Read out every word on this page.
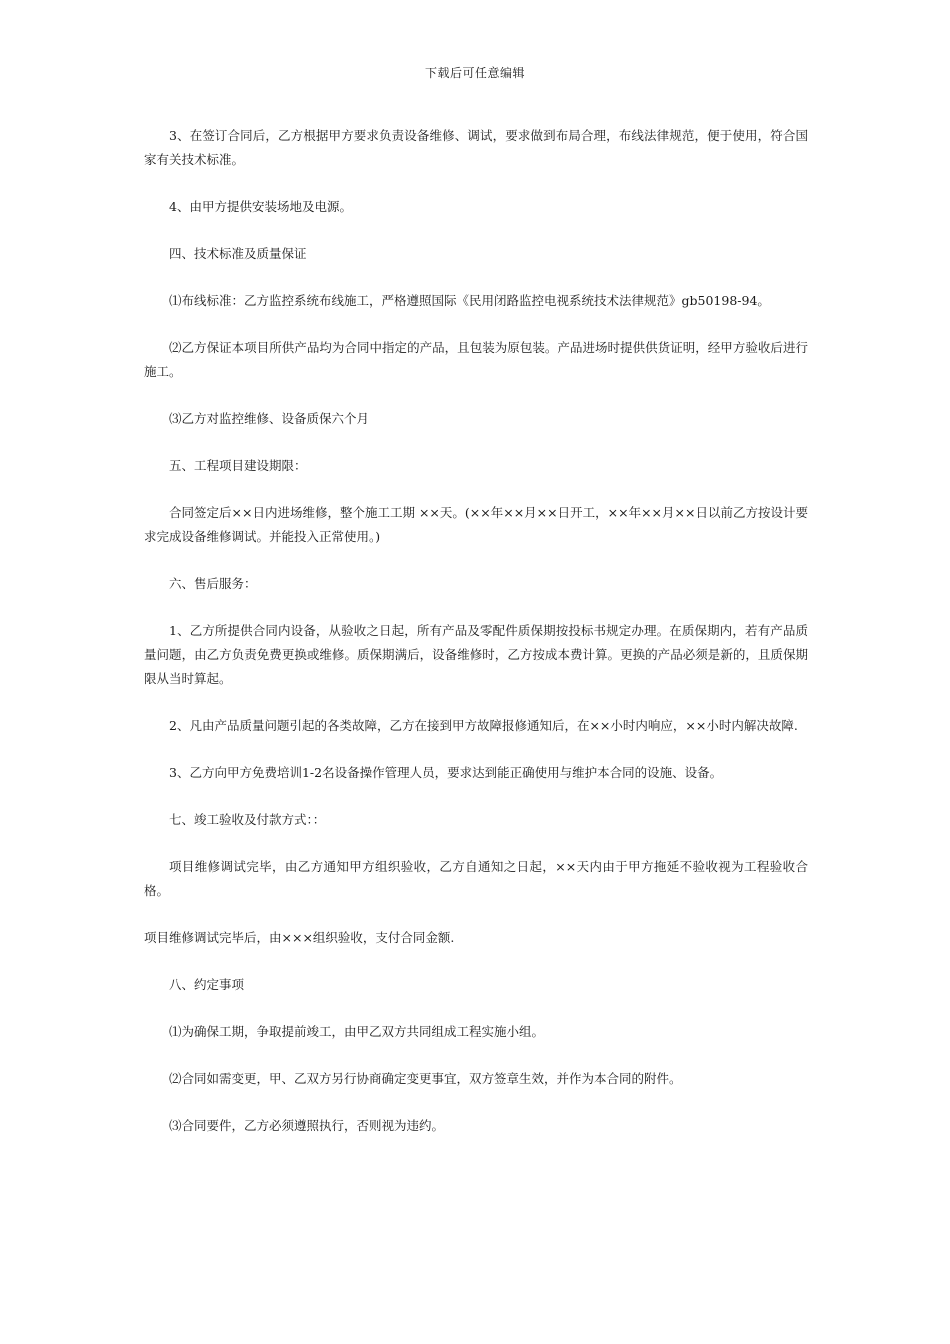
下载后可任意编辑

3、在签订合同后，乙方根据甲方要求负责设备维修、调试，要求做到布局合理，布线法律规范，便于使用，符合国家有关技术标准。

4、由甲方提供安装场地及电源。

四、技术标准及质量保证

⑴布线标准：乙方监控系统布线施工，严格遵照国际《民用闭路监控电视系统技术法律规范》gb50198-94。

⑵乙方保证本项目所供产品均为合同中指定的产品，且包装为原包装。产品进场时提供供货证明，经甲方验收后进行施工。

⑶乙方对监控维修、设备质保六个月

五、工程项目建设期限：

合同签定后××日内进场维修，整个施工工期 ××天。(××年××月××日开工，××年××月××日以前乙方按设计要求完成设备维修调试。并能投入正常使用。)

六、售后服务：

1、乙方所提供合同内设备，从验收之日起，所有产品及零配件质保期按投标书规定办理。在质保期内，若有产品质量问题，由乙方负责免费更换或维修。质保期满后，设备维修时，乙方按成本费计算。更换的产品必须是新的，且质保期限从当时算起。

2、凡由产品质量问题引起的各类故障，乙方在接到甲方故障报修通知后，在××小时内响应，××小时内解决故障.

3、乙方向甲方免费培训1-2名设备操作管理人员，要求达到能正确使用与维护本合同的设施、设备。

七、竣工验收及付款方式：：

项目维修调试完毕，由乙方通知甲方组织验收，乙方自通知之日起，××天内由于甲方拖延不验收视为工程验收合格。

项目维修调试完毕后，由×××组织验收，支付合同金额.

八、约定事项

⑴为确保工期，争取提前竣工，由甲乙双方共同组成工程实施小组。

⑵合同如需变更，甲、乙双方另行协商确定变更事宜，双方签章生效，并作为本合同的附件。

⑶合同要件，乙方必须遵照执行，否则视为违约。
